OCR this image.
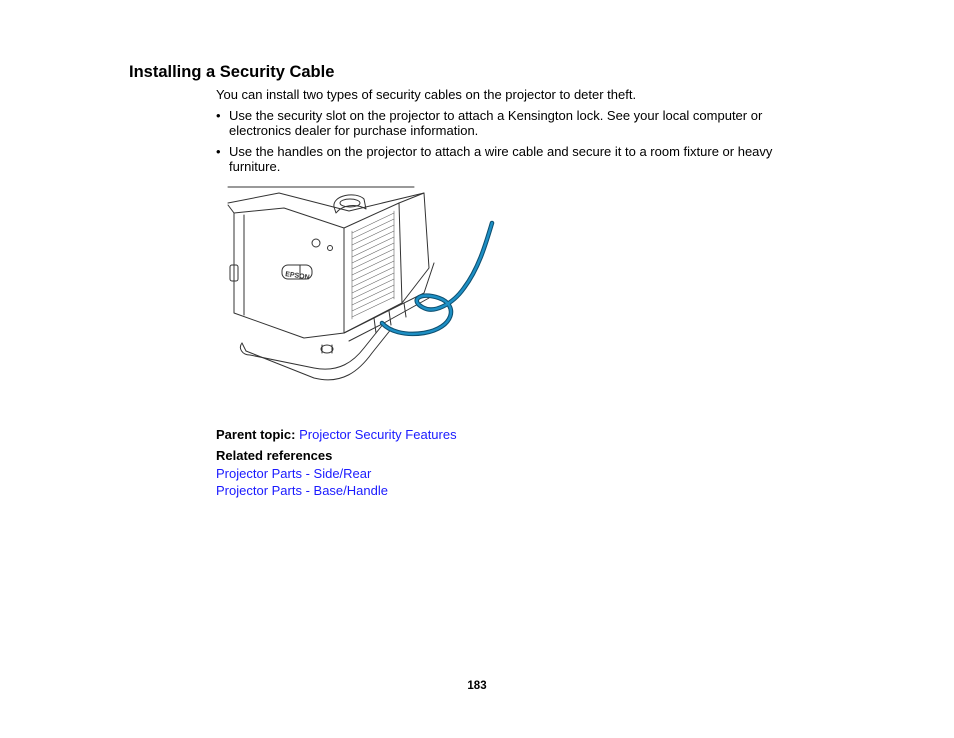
Installing a Security Cable

You can install two types of security cables on the projector to deter theft.

• Use the security slot on the projector to attach a Kensington lock. See your local computer or electronics dealer for purchase information.
• Use the handles on the projector to attach a wire cable and secure it to a room fixture or heavy furniture.
EPSON

Parent topic: Projector Security Features

Related references

Projector Parts - Side/Rear

Projector Parts - Base/Handle

183
